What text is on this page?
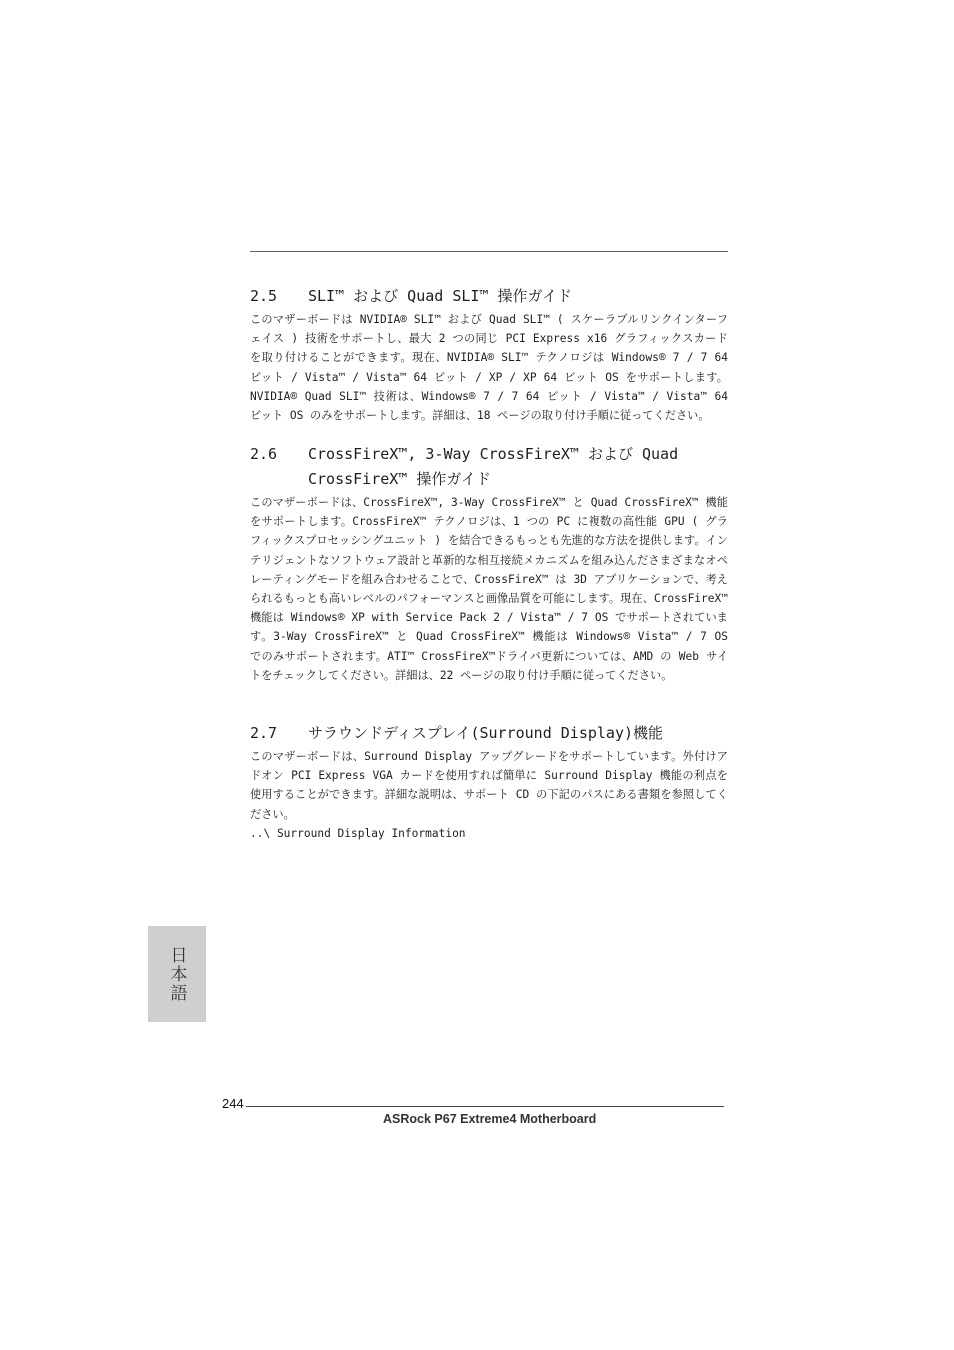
2.5	SLI™ および Quad SLI™ 操作ガイド

このマザーボードは NVIDIA® SLI™ および Quad SLI™ ( スケーラブルリンクインターフェイス ) 技術をサポートし、最大 2 つの同じ PCI Express x16 グラフィックスカードを取り付けることができます。現在、NVIDIA® SLI™ テクノロジは Windows® 7 / 7 64 ビット / Vista™ / Vista™ 64 ビット / XP / XP 64 ビット OS をサポートします。NVIDIA® Quad SLI™ 技術は、Windows® 7 / 7 64 ビット / Vista™ / Vista™ 64 ビット OS のみをサポートします。詳細は、18 ページの取り付け手順に従ってください。

2.6	CrossFireX™, 3-Way CrossFireX™ および Quad CrossFireX™ 操作ガイド

このマザーボードは、CrossFireX™, 3-Way CrossFireX™ と Quad CrossFireX™ 機能をサポートします。CrossFireX™ テクノロジは、1 つの PC に複数の高性能 GPU ( グラフィックスプロセッシングユニット ) を結合できるもっとも先進的な方法を提供します。インテリジェントなソフトウェア設計と革新的な相互接続メカニズムを組み込んださまざまなオペレーティングモードを組み合わせることで、CrossFireX™ は 3D アプリケーションで、考えられるもっとも高いレベルのパフォーマンスと画像品質を可能にします。現在、CrossFireX™ 機能は Windows® XP with Service Pack 2 / Vista™ / 7 OS でサポートされています。3-Way CrossFireX™ と Quad CrossFireX™ 機能は Windows® Vista™ / 7 OS でのみサポートされます。ATI™ CrossFireX™ドライバ更新については、AMD の Web サイトをチェックしてください。詳細は、22 ページの取り付け手順に従ってください。

2.7	サラウンドディスプレイ(Surround Display)機能

このマザーボードは、Surround Display アップグレードをサポートしています。外付けアドオン PCI Express VGA カードを使用すれば簡単に Surround Display 機能の利点を使用することができます。詳細な説明は、サポート CD の下記のパスにある書類を参照してください。

..\ Surround Display Information

日本語
244
ASRock P67 Extreme4 Motherboard
